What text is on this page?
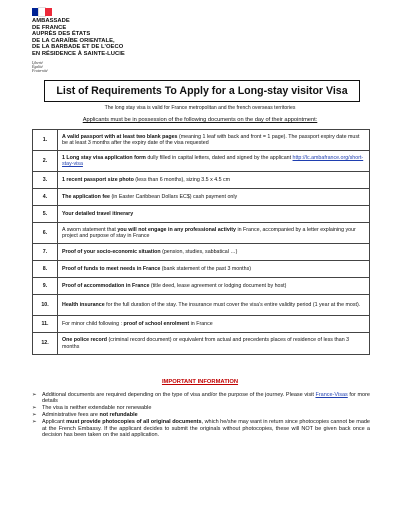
AMBASSADE
DE FRANCE
AUPRÈS DES ÉTATS
DE LA CARAÏBE ORIENTALE,
DE LA BARBADE ET DE L’OECO
EN RÉSIDENCE À SAINTE-LUCIE
Liberté
Égalité
Fraternité
List of Requirements To Apply for a Long-stay visitor Visa
The long stay visa is valid for France metropolitan and the french overseas territories
Applicants must be in possession of the following documents on the day of their appointment:
1.	A valid passport with at least two blank pages (meaning 1 leaf with back and front = 1 page). The passport expiry date must be at least 3 months after the expiry date of the visa requested
2.	1 Long stay visa application form dully filled in capital letters, dated and signed by the applicant http://lc.ambafrance.org/short-stay-visa
3.	1 recent passport size photo (less than 6 months), sizing 3.5 x 4.5 cm
4.	The application fee (in Easter Caribbean Dollars EC$) cash payment only
5.	Your detailed travel itinerary
6.	A sworn statement that you will not engage in any professional activity in France, accompanied by a letter explaining your project and purpose of stay in France
7.	Proof of your socio-economic situation (pension, studies, sabbatical …)
8.	Proof of funds to meet needs in France (bank statement of the past 3 months)
9.	Proof of accommodation in France (title deed, lease agreement or lodging document by host)
10.	Health insurance for the full duration of the stay. The insurance must cover the visa’s entire validity period (1 year at the most).
11.	For minor child following : proof of school enrolment in France
12.	One police record (criminal record document) or equivalent from actual and precedents places of residence of less than 3 months
IMPORTANT INFORMATION
➢ Additional documents are required depending on the type of visa and/or the purpose of the journey. Please visit France-Visas for more details
➢ The visa is neither extendable nor renewable
➢ Administrative fees are not refundable
➢ Applicant must provide photocopies of all original documents, which he/she may want in return since photocopies cannot be made at the French Embassy. If the applicant decides to submit the originals without photocopies, these will NOT be given back once a decision has been taken on the said application.
